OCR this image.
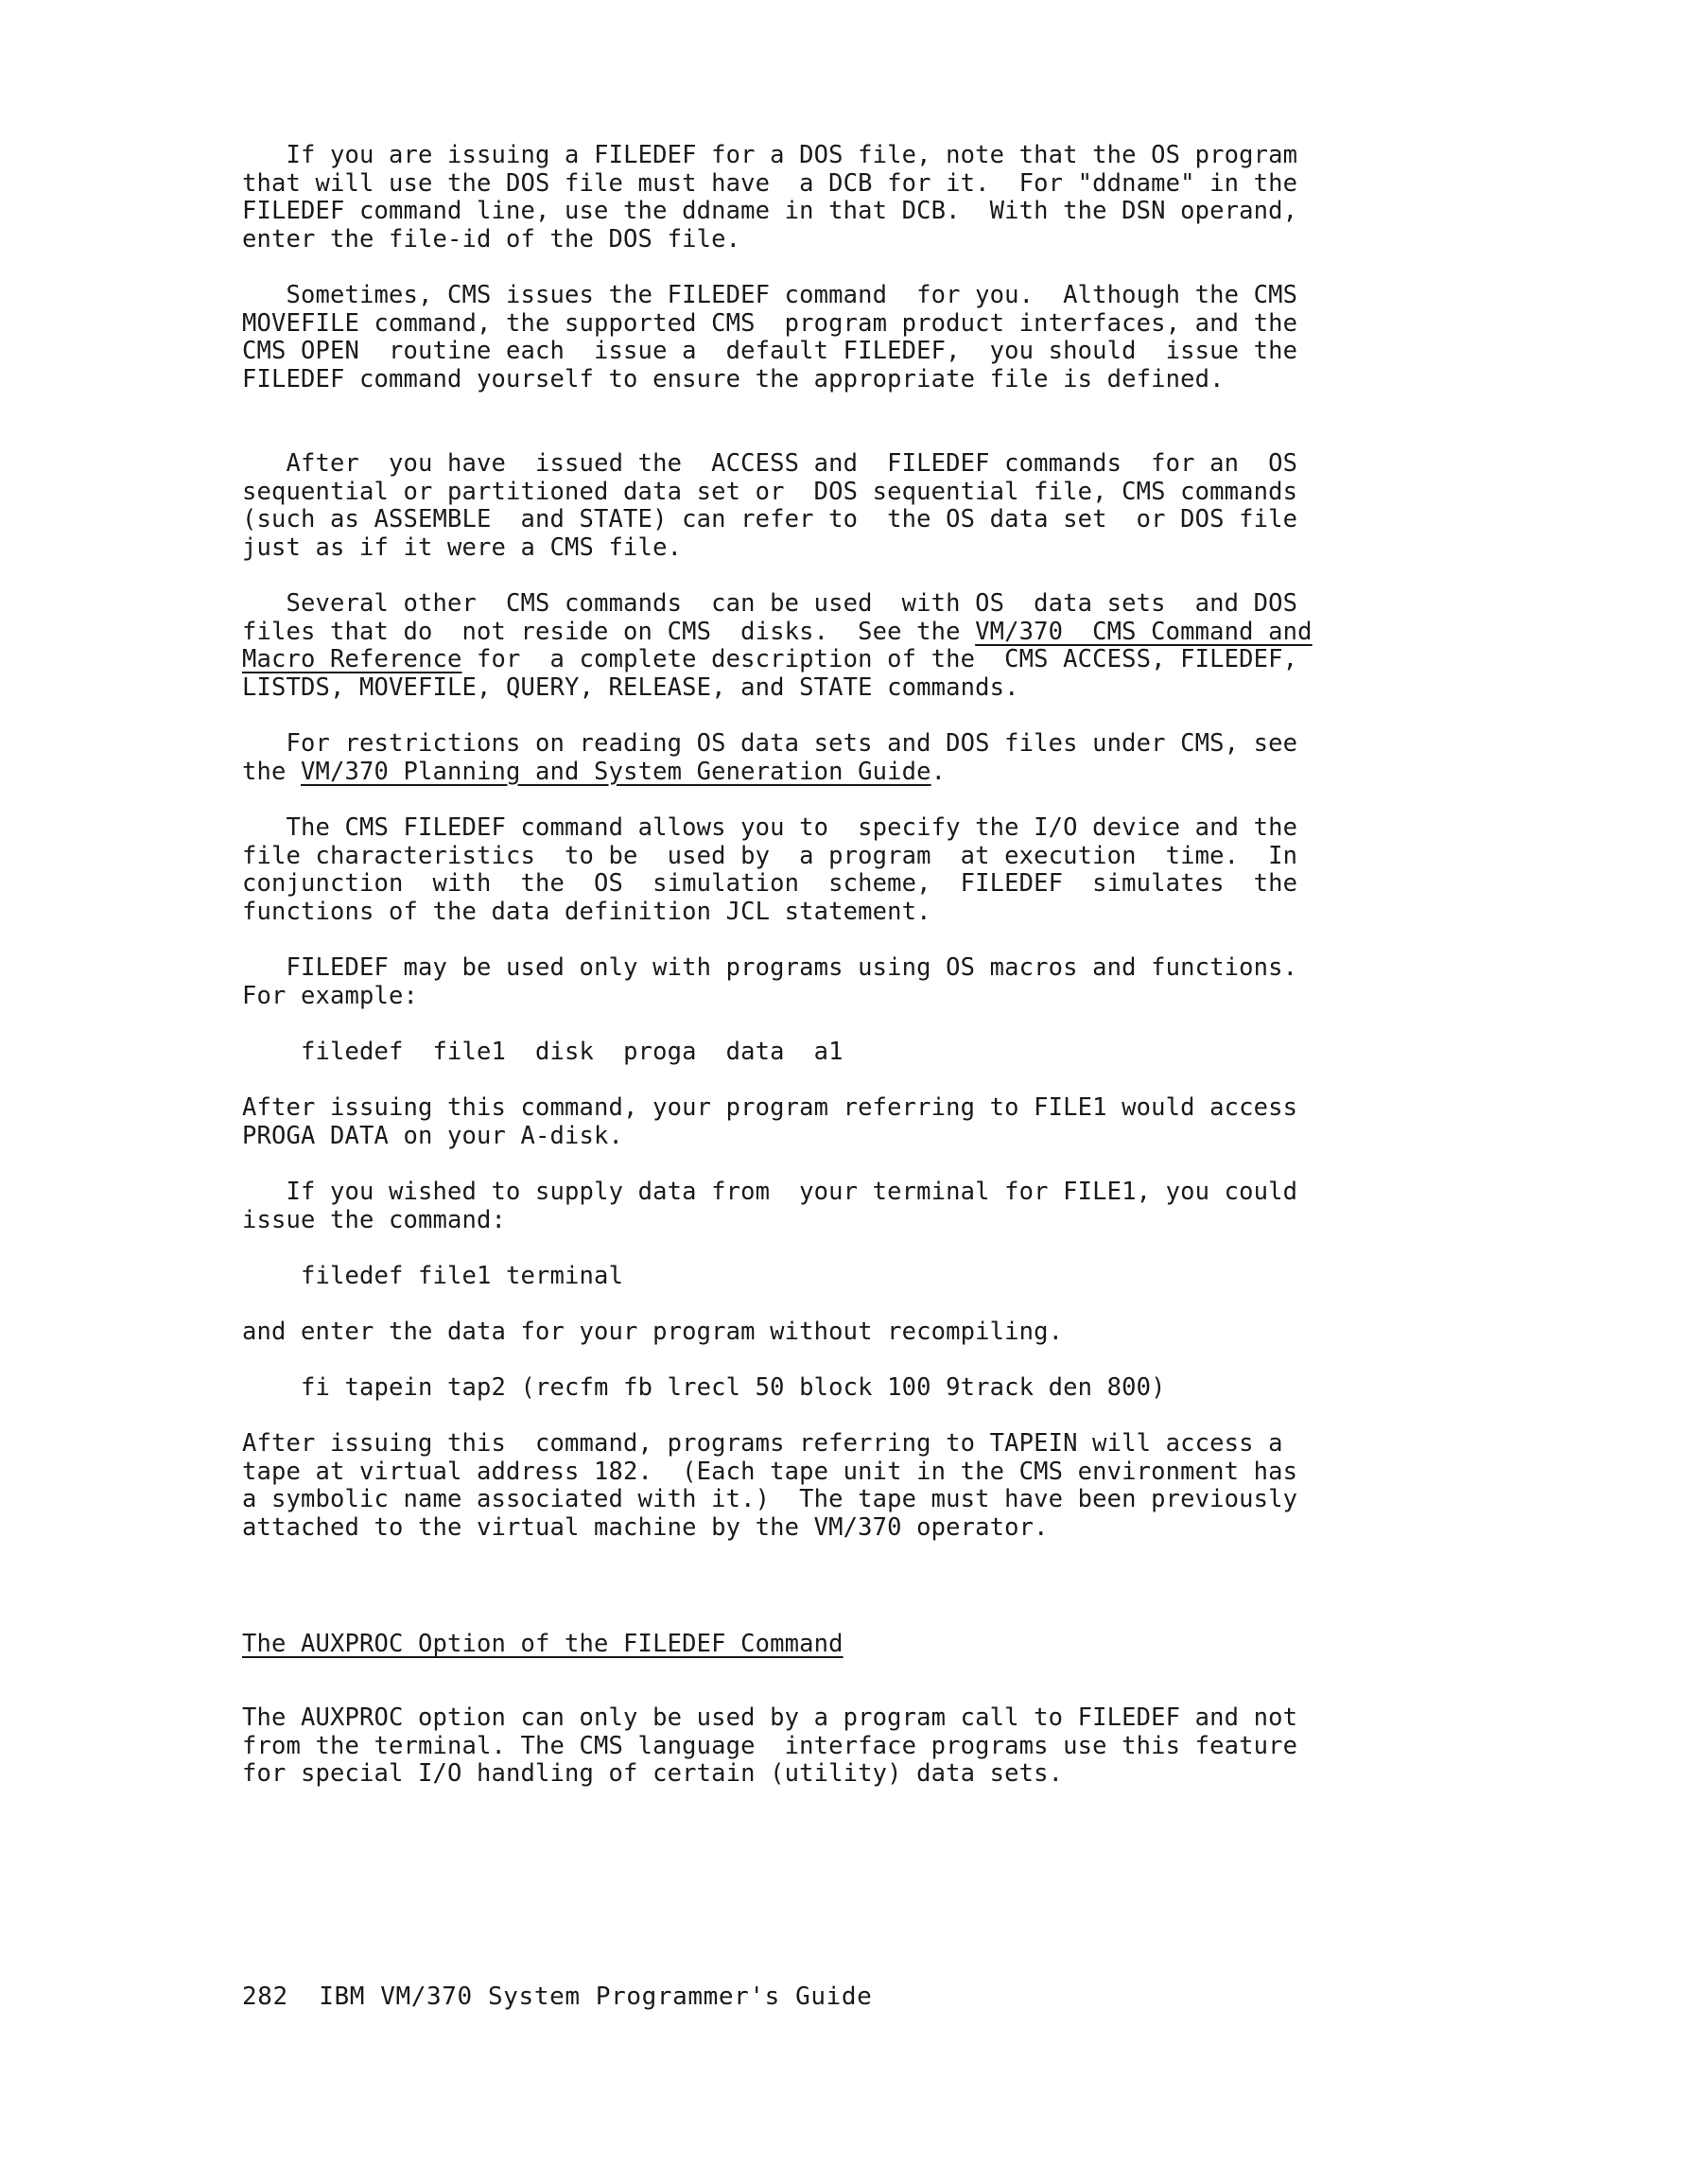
If you are issuing a FILEDEF for a DOS file, note that the OS program
that will use the DOS file must have  a DCB for it.  For "ddname" in the
FILEDEF command line, use the ddname in that DCB.  With the DSN operand,
enter the file-id of the DOS file.

Sometimes, CMS issues the FILEDEF command  for you.  Although the CMS
MOVEFILE command, the supported CMS  program product interfaces, and the
CMS OPEN  routine each  issue a  default FILEDEF,  you should  issue the
FILEDEF command yourself to ensure the appropriate file is defined.

After  you have  issued the  ACCESS and  FILEDEF commands  for an  OS
sequential or partitioned data set or  DOS sequential file, CMS commands
(such as ASSEMBLE  and STATE) can refer to  the OS data set  or DOS file
just as if it were a CMS file.

Several other  CMS commands  can be used  with OS  data sets  and DOS
files that do  not reside on CMS  disks.  See the VM/370  CMS Command and
Macro Reference for  a complete description of the  CMS ACCESS, FILEDEF,
LISTDS, MOVEFILE, QUERY, RELEASE, and STATE commands.

For restrictions on reading OS data sets and DOS files under CMS, see
the VM/370 Planning and System Generation Guide.

The CMS FILEDEF command allows you to  specify the I/O device and the
file characteristics  to be  used by  a program  at execution  time.  In
conjunction  with  the  OS  simulation  scheme,  FILEDEF  simulates  the
functions of the data definition JCL statement.

FILEDEF may be used only with programs using OS macros and functions.
For example:

filedef  file1  disk  proga  data  a1

After issuing this command, your program referring to FILE1 would access
PROGA DATA on your A-disk.

If you wished to supply data from  your terminal for FILE1, you could
issue the command:

filedef file1 terminal

and enter the data for your program without recompiling.

fi tapein tap2 (recfm fb lrecl 50 block 100 9track den 800)

After issuing this  command, programs referring to TAPEIN will access a
tape at virtual address 182.  (Each tape unit in the CMS environment has
a symbolic name associated with it.)  The tape must have been previously
attached to the virtual machine by the VM/370 operator.

The AUXPROC Option of the FILEDEF Command

The AUXPROC option can only be used by a program call to FILEDEF and not
from the terminal. The CMS language  interface programs use this feature
for special I/O handling of certain (utility) data sets.

282  IBM VM/370 System Programmer's Guide
